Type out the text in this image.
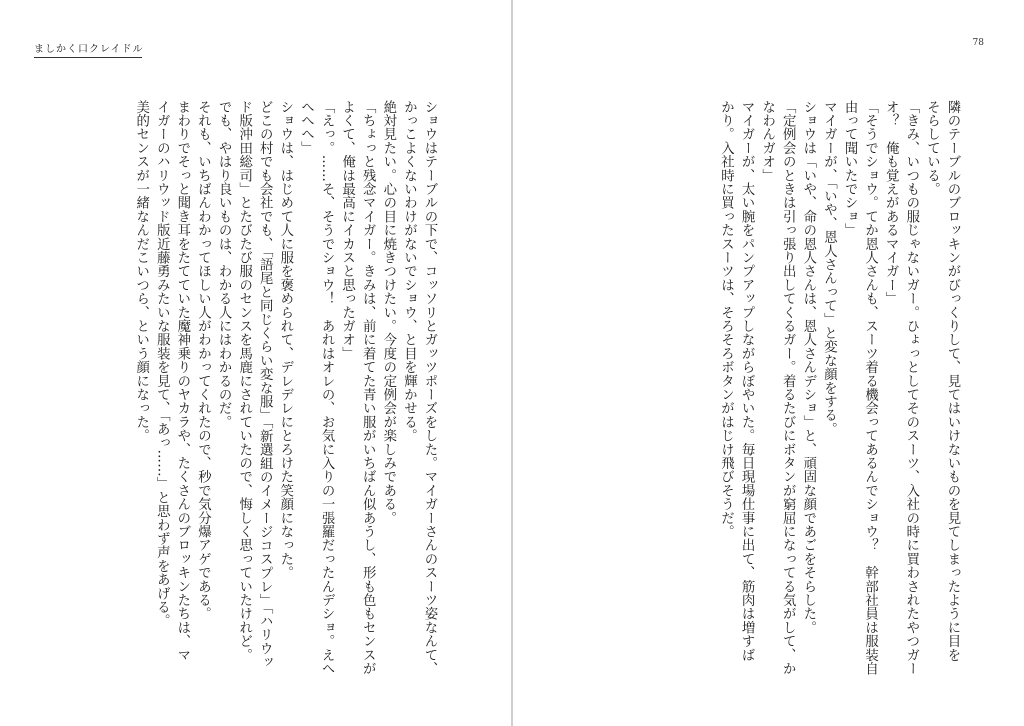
ましかく口クレイドル

ショウはテーブルの下で、コッソリとガッツポーズをした。マイガーさんのスーツ姿なんて、

かっこよくないわけがないでショウ、と目を輝かせる。

絶対見たい。心の目に焼きつけたい。今度の定例会が楽しみである。

「ちょっと残念マイガー。きみは、前に着てた青い服がいちばん似あうし、形も色もセンスが

よくて、俺は最高にイカスと思ったガオ」

「えっ。……そ、そうでショウ！　あれはオレの、お気に入りの一張羅だったんデショ。えへ

へへへ」

ショウは、はじめて人に服を褒められて、デレデレにとろけた笑顔になった。

どこの村でも会社でも、「語尾と同じくらい変な服」「新選組のイメージコスプレ」「ハリウッ

ド版沖田総司」とたびたび服のセンスを馬鹿にされていたので、悔しく思っていたけれど。

でも、やはり良いものは、わかる人にはわかるのだ。

それも、いちばんわかってほしい人がわかってくれたので、秒で気分爆アゲである。

まわりでそっと聞き耳をたてていた魔神乗りのヤカラや、たくさんのブロッキンたちは、マ

イガーのハリウッド版近藤勇みたいな服装を見て、「あっ……」と思わず声をあげる。

美的センスが一緒なんだこいつら、という顔になった。

78

隣のテーブルのブロッキンがびっくりして、見てはいけないものを見てしまったように目を

そらしている。

「きみ、いつもの服じゃないガー。ひょっとしてそのスーツ、入社の時に買わされたやつガー

オ？　俺も覚えがあるマイガー」

「そうでショウ。てか恩人さんも、スーツ着る機会ってあるんでショウ？　幹部社員は服装自

由って聞いたでショ」

マイガーが、「いや、恩人さんって」と変な顔をする。

ショウは「いや、命の恩人さんは、恩人さんデショ」と、頑固な顔であごをそらした。

「定例会のときは引っ張り出してくるガー。着るたびにボタンが窮屈になってる気がして、か

なわんガオ」

マイガーが、太い腕をパンプアップしながらぼやいた。毎日現場仕事に出て、筋肉は増すば

かり。入社時に買ったスーツは、そろそろボタンがはじけ飛びそうだ。
